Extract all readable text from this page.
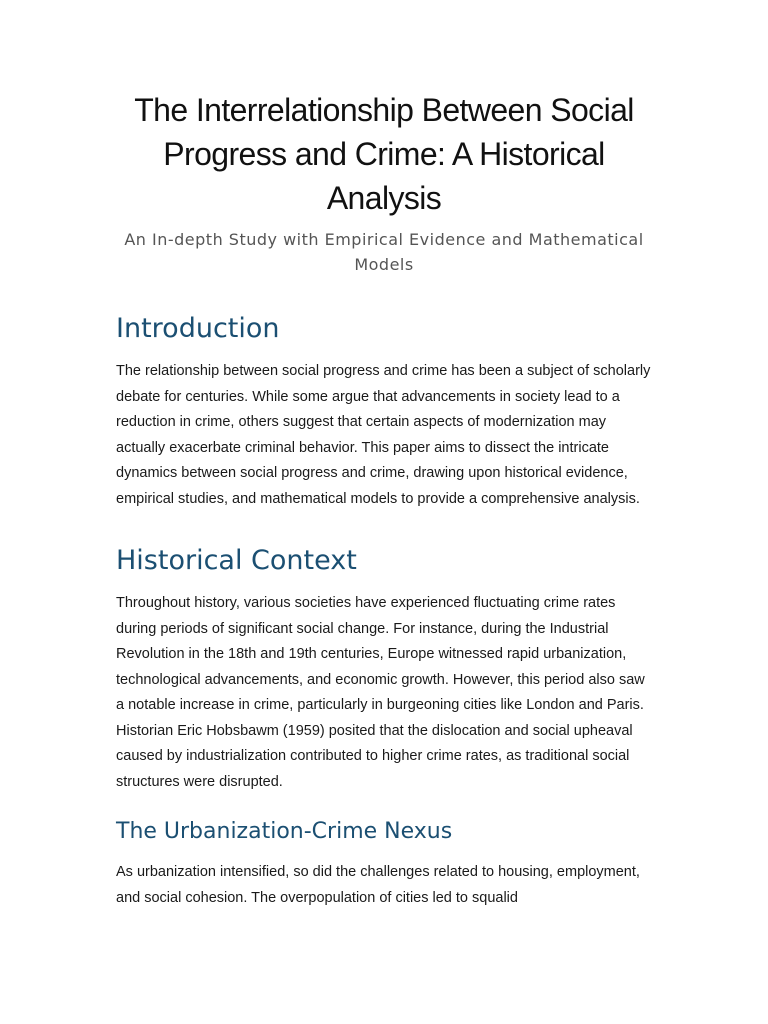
The Interrelationship Between Social Progress and Crime: A Historical Analysis
An In-depth Study with Empirical Evidence and Mathematical Models
Introduction

The relationship between social progress and crime has been a subject of scholarly debate for centuries. While some argue that advancements in society lead to a reduction in crime, others suggest that certain aspects of modernization may actually exacerbate criminal behavior. This paper aims to dissect the intricate dynamics between social progress and crime, drawing upon historical evidence, empirical studies, and mathematical models to provide a comprehensive analysis.

Historical Context

Throughout history, various societies have experienced fluctuating crime rates during periods of significant social change. For instance, during the Industrial Revolution in the 18th and 19th centuries, Europe witnessed rapid urbanization, technological advancements, and economic growth. However, this period also saw a notable increase in crime, particularly in burgeoning cities like London and Paris. Historian Eric Hobsbawm (1959) posited that the dislocation and social upheaval caused by industrialization contributed to higher crime rates, as traditional social structures were disrupted.

The Urbanization-Crime Nexus

As urbanization intensified, so did the challenges related to housing, employment, and social cohesion. The overpopulation of cities led to squalid
